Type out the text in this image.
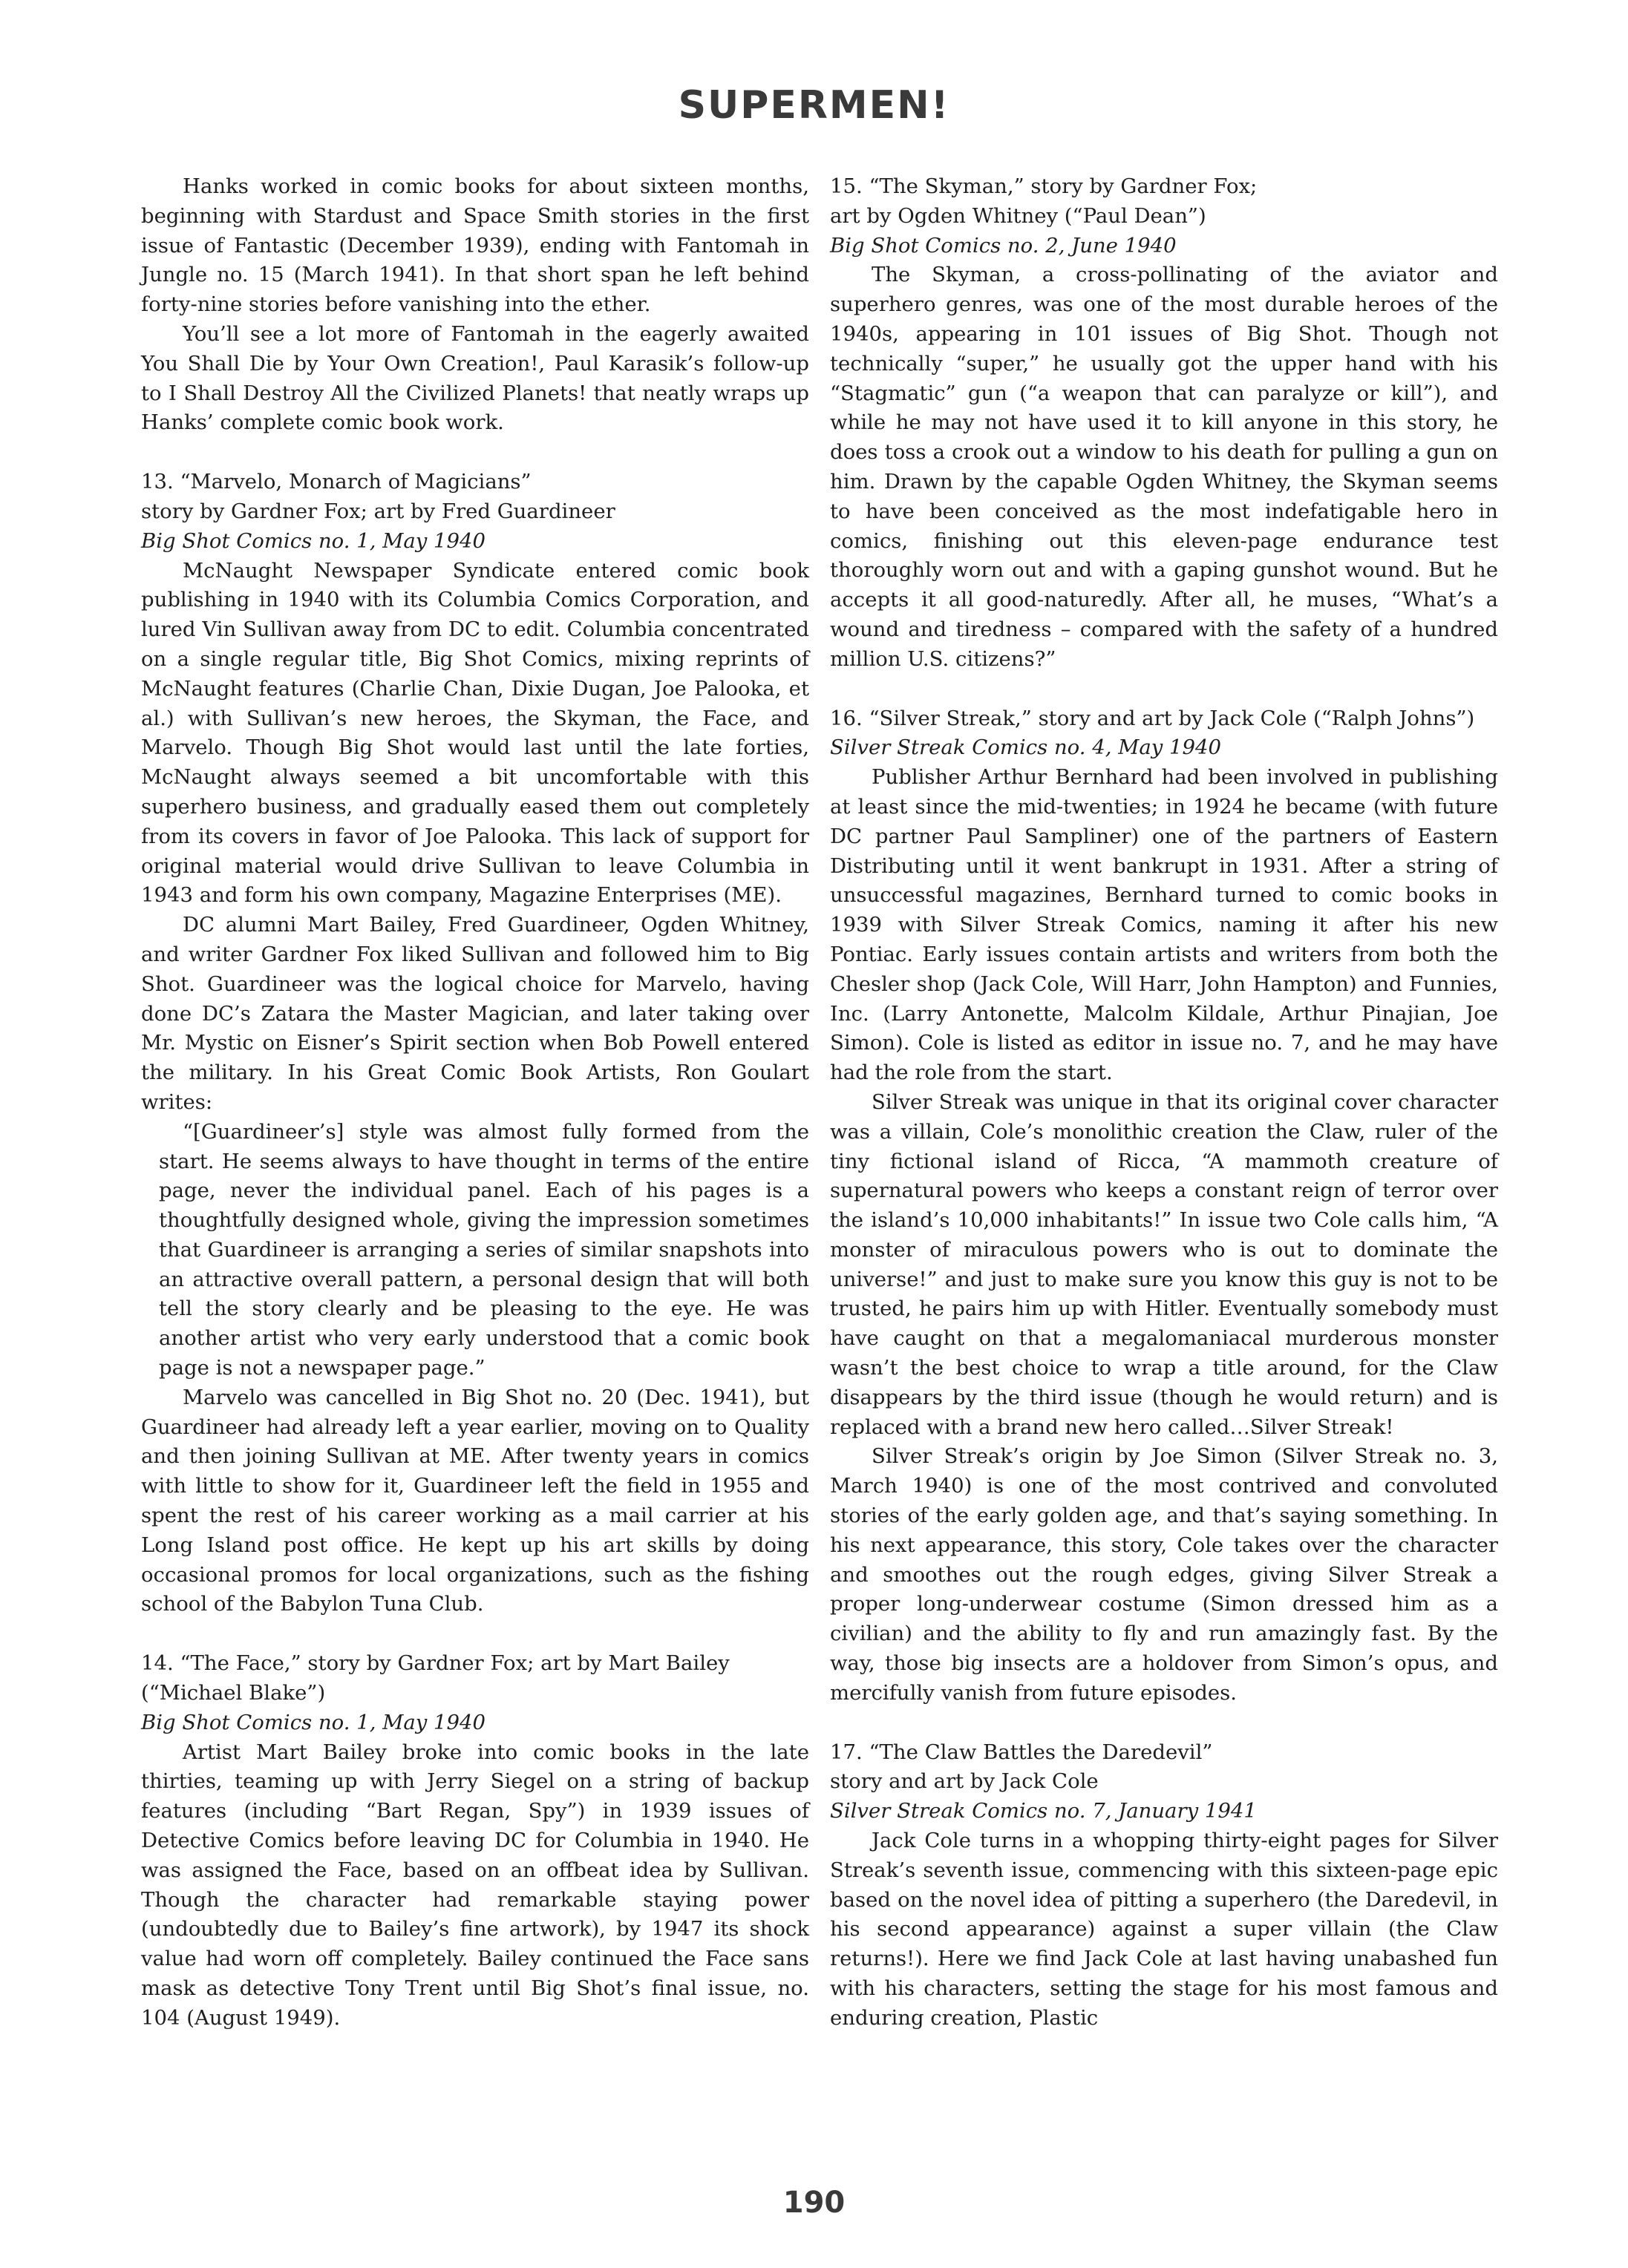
SUPERMEN!

Hanks worked in comic books for about sixteen months, beginning with Stardust and Space Smith stories in the first issue of Fantastic (December 1939), ending with Fantomah in Jungle no. 15 (March 1941). In that short span he left behind forty-nine stories before vanishing into the ether.

You’ll see a lot more of Fantomah in the eagerly awaited You Shall Die by Your Own Creation!, Paul Karasik’s follow-up to I Shall Destroy All the Civilized Planets! that neatly wraps up Hanks’ complete comic book work.

13. “Marvelo, Monarch of Magicians”

story by Gardner Fox; art by Fred Guardineer

Big Shot Comics no. 1, May 1940

McNaught Newspaper Syndicate entered comic book publishing in 1940 with its Columbia Comics Corporation, and lured Vin Sullivan away from DC to edit. Columbia concentrated on a single regular title, Big Shot Comics, mixing reprints of McNaught features (Charlie Chan, Dixie Dugan, Joe Palooka, et al.) with Sullivan’s new heroes, the Skyman, the Face, and Marvelo. Though Big Shot would last until the late forties, McNaught always seemed a bit uncomfortable with this superhero business, and gradually eased them out completely from its covers in favor of Joe Palooka. This lack of support for original material would drive Sullivan to leave Columbia in 1943 and form his own company, Magazine Enterprises (ME).

DC alumni Mart Bailey, Fred Guardineer, Ogden Whitney, and writer Gardner Fox liked Sullivan and followed him to Big Shot. Guardineer was the logical choice for Marvelo, having done DC’s Zatara the Master Magician, and later taking over Mr. Mystic on Eisner’s Spirit section when Bob Powell entered the military. In his Great Comic Book Artists, Ron Goulart writes:

“[Guardineer’s] style was almost fully formed from the start. He seems always to have thought in terms of the entire page, never the individual panel. Each of his pages is a thoughtfully designed whole, giving the impression sometimes that Guardineer is arranging a series of similar snapshots into an attractive overall pattern, a personal design that will both tell the story clearly and be pleasing to the eye. He was another artist who very early understood that a comic book page is not a newspaper page.”

Marvelo was cancelled in Big Shot no. 20 (Dec. 1941), but Guardineer had already left a year earlier, moving on to Quality and then joining Sullivan at ME. After twenty years in comics with little to show for it, Guardineer left the field in 1955 and spent the rest of his career working as a mail carrier at his Long Island post office. He kept up his art skills by doing occasional promos for local organizations, such as the fishing school of the Babylon Tuna Club.

14. “The Face,” story by Gardner Fox; art by Mart Bailey (“Michael Blake”)

Big Shot Comics no. 1, May 1940

Artist Mart Bailey broke into comic books in the late thirties, teaming up with Jerry Siegel on a string of backup features (including “Bart Regan, Spy”) in 1939 issues of Detective Comics before leaving DC for Columbia in 1940. He was assigned the Face, based on an offbeat idea by Sullivan. Though the character had remarkable staying power (undoubtedly due to Bailey’s fine artwork), by 1947 its shock value had worn off completely. Bailey continued the Face sans mask as detective Tony Trent until Big Shot’s final issue, no. 104 (August 1949).

15. “The Skyman,” story by Gardner Fox;

art by Ogden Whitney (“Paul Dean”)

Big Shot Comics no. 2, June 1940

The Skyman, a cross-pollinating of the aviator and superhero genres, was one of the most durable heroes of the 1940s, appearing in 101 issues of Big Shot. Though not technically “super,” he usually got the upper hand with his “Stagmatic” gun (“a weapon that can paralyze or kill”), and while he may not have used it to kill anyone in this story, he does toss a crook out a window to his death for pulling a gun on him. Drawn by the capable Ogden Whitney, the Skyman seems to have been conceived as the most indefatigable hero in comics, finishing out this eleven-page endurance test thoroughly worn out and with a gaping gunshot wound. But he accepts it all good-naturedly. After all, he muses, “What’s a wound and tiredness – compared with the safety of a hundred million U.S. citizens?”

16. “Silver Streak,” story and art by Jack Cole (“Ralph Johns”)

Silver Streak Comics no. 4, May 1940

Publisher Arthur Bernhard had been involved in publishing at least since the mid-twenties; in 1924 he became (with future DC partner Paul Sampliner) one of the partners of Eastern Distributing until it went bankrupt in 1931. After a string of unsuccessful magazines, Bernhard turned to comic books in 1939 with Silver Streak Comics, naming it after his new Pontiac. Early issues contain artists and writers from both the Chesler shop (Jack Cole, Will Harr, John Hampton) and Funnies, Inc. (Larry Antonette, Malcolm Kildale, Arthur Pinajian, Joe Simon). Cole is listed as editor in issue no. 7, and he may have had the role from the start.

Silver Streak was unique in that its original cover character was a villain, Cole’s monolithic creation the Claw, ruler of the tiny fictional island of Ricca, “A mammoth creature of supernatural powers who keeps a constant reign of terror over the island’s 10,000 inhabitants!” In issue two Cole calls him, “A monster of miraculous powers who is out to dominate the universe!” and just to make sure you know this guy is not to be trusted, he pairs him up with Hitler. Eventually somebody must have caught on that a megalomaniacal murderous monster wasn’t the best choice to wrap a title around, for the Claw disappears by the third issue (though he would return) and is replaced with a brand new hero called…Silver Streak!

Silver Streak’s origin by Joe Simon (Silver Streak no. 3, March 1940) is one of the most contrived and convoluted stories of the early golden age, and that’s saying something. In his next appearance, this story, Cole takes over the character and smoothes out the rough edges, giving Silver Streak a proper long-underwear costume (Simon dressed him as a civilian) and the ability to fly and run amazingly fast. By the way, those big insects are a holdover from Simon’s opus, and mercifully vanish from future episodes.

17. “The Claw Battles the Daredevil”

story and art by Jack Cole

Silver Streak Comics no. 7, January 1941

Jack Cole turns in a whopping thirty-eight pages for Silver Streak’s seventh issue, commencing with this sixteen-page epic based on the novel idea of pitting a superhero (the Daredevil, in his second appearance) against a super villain (the Claw returns!). Here we find Jack Cole at last having unabashed fun with his characters, setting the stage for his most famous and enduring creation, Plastic

190
